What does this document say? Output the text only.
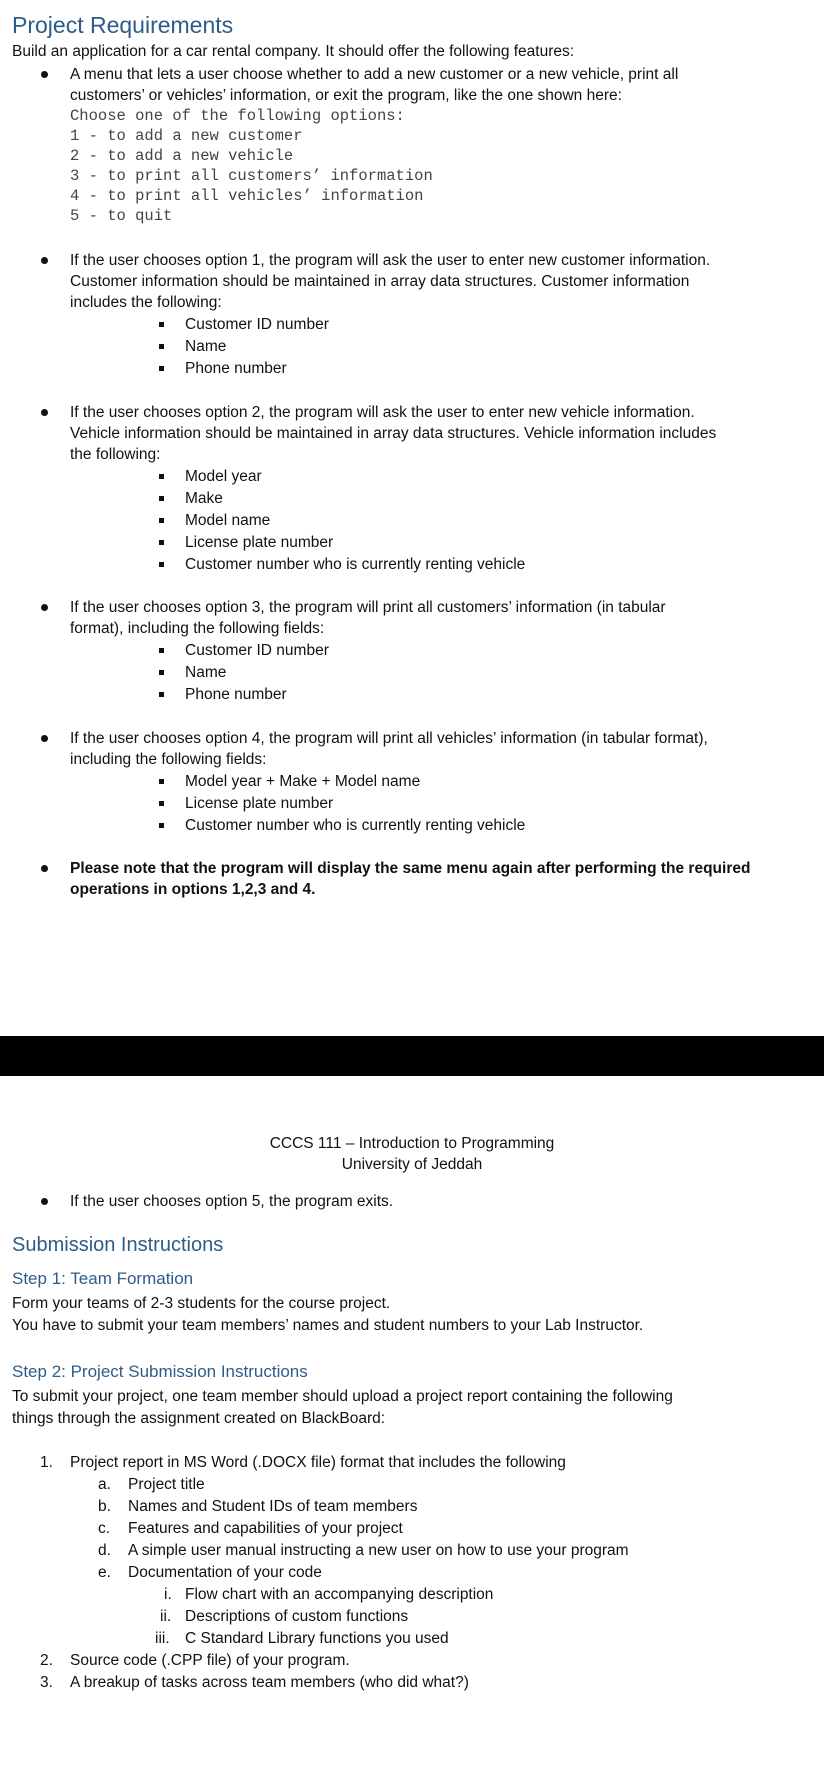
Project Requirements
Build an application for a car rental company. It should offer the following features:
A menu that lets a user choose whether to add a new customer or a new vehicle, print all
customers’ or vehicles’ information, or exit the program, like the one shown here:
Choose one of the following options:
1 - to add a new customer
2 - to add a new vehicle
3 - to print all customers’ information
4 - to print all vehicles’ information
5 - to quit
If the user chooses option 1, the program will ask the user to enter new customer information.
Customer information should be maintained in array data structures. Customer information
includes the following:
Customer ID number
Name
Phone number
If the user chooses option 2, the program will ask the user to enter new vehicle information.
Vehicle information should be maintained in array data structures. Vehicle information includes
the following:
Model year
Make
Model name
License plate number
Customer number who is currently renting vehicle
If the user chooses option 3, the program will print all customers’ information (in tabular
format), including the following fields:
Customer ID number
Name
Phone number
If the user chooses option 4, the program will print all vehicles’ information (in tabular format),
including the following fields:
Model year + Make + Model name
License plate number
Customer number who is currently renting vehicle
Please note that the program will display the same menu again after performing the required
operations in options 1,2,3 and 4.
CCCS 111 – Introduction to Programming
University of Jeddah
If the user chooses option 5, the program exits.
Submission Instructions
Step 1: Team Formation
Form your teams of 2-3 students for the course project.
You have to submit your team members’ names and student numbers to your Lab Instructor.
Step 2: Project Submission Instructions
To submit your project, one team member should upload a project report containing the following
things through the assignment created on BlackBoard:
1. Project report in MS Word (.DOCX file) format that includes the following
a. Project title
b. Names and Student IDs of team members
c. Features and capabilities of your project
d. A simple user manual instructing a new user on how to use your program
e. Documentation of your code
i. Flow chart with an accompanying description
ii. Descriptions of custom functions
iii. C Standard Library functions you used
2. Source code (.CPP file) of your program.
3. A breakup of tasks across team members (who did what?)
